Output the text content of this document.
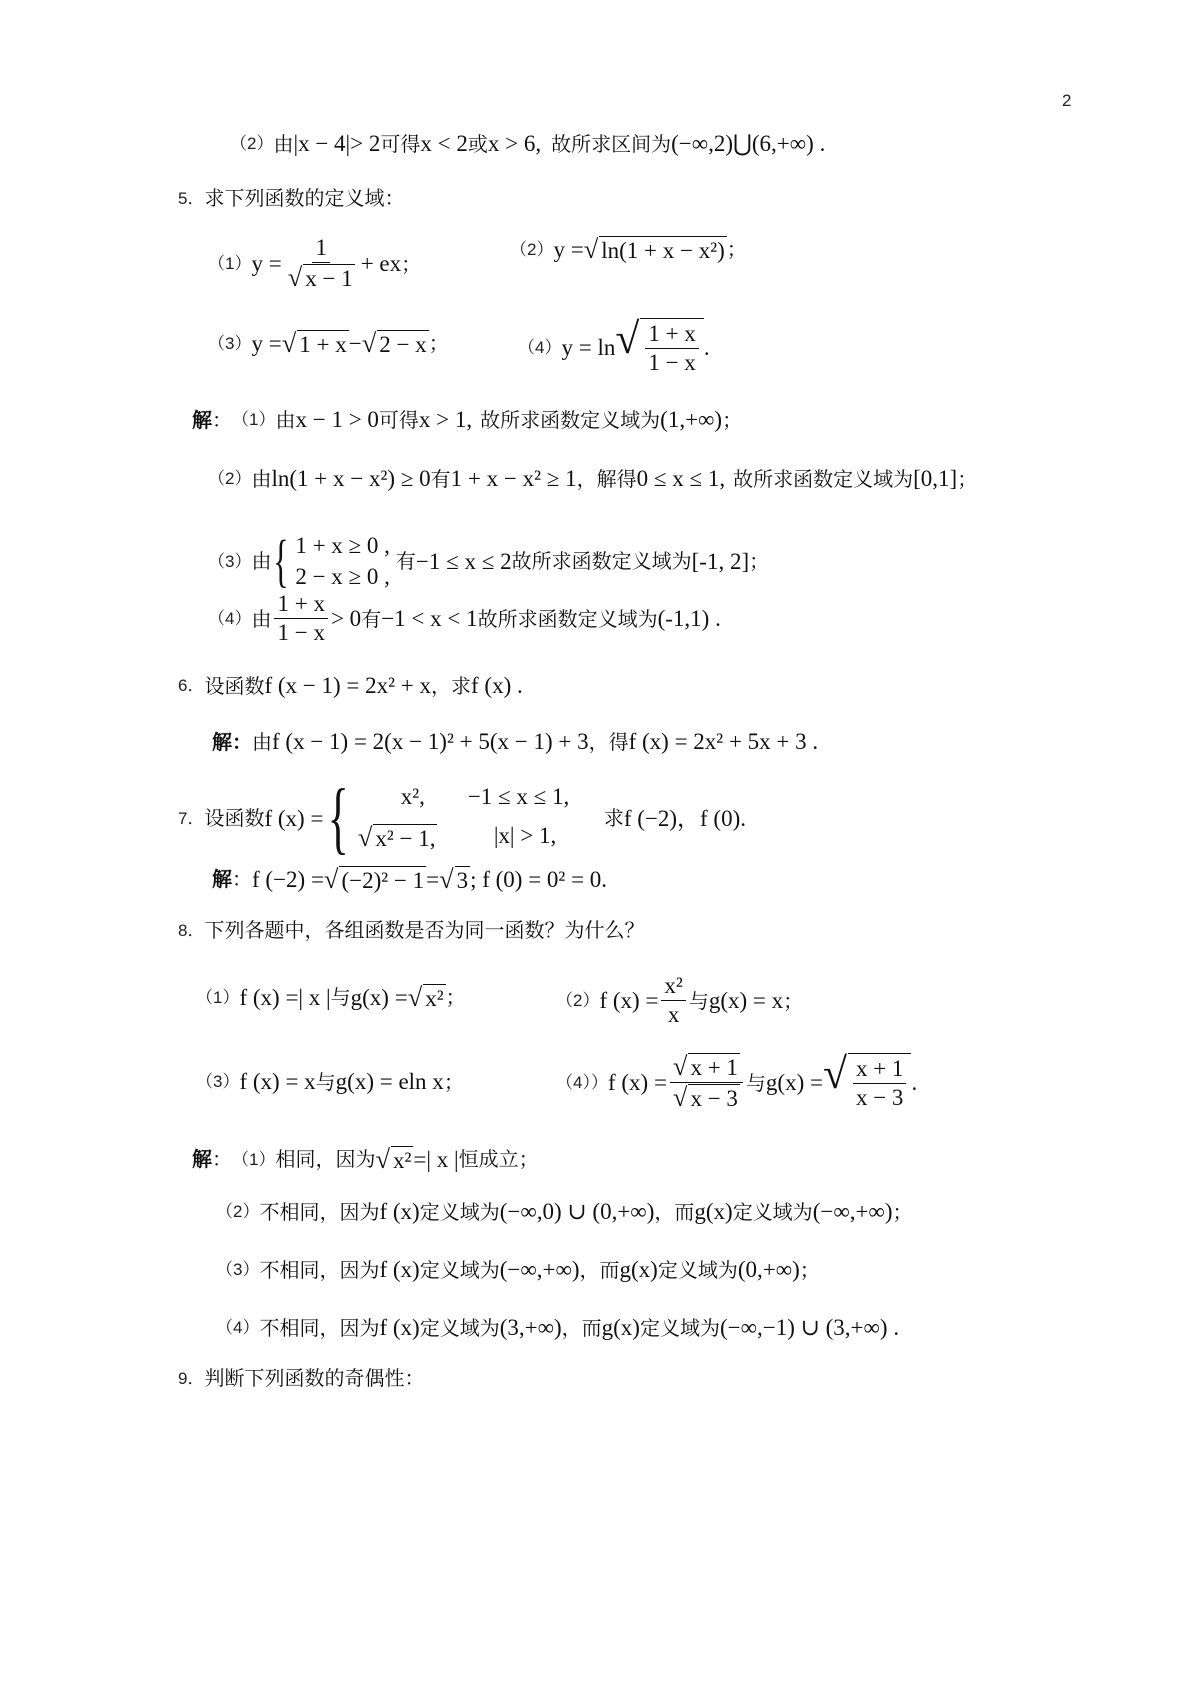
2
（2） 由 |x − 4|> 2 可得 x < 2 或 x > 6, 故所求区间为 (−∞,2)⋃(6,+∞) .
5． 求下列函数的定义域：
（1） $y = \frac{1}{√ x - 1} + e$ x ；
（2） y = √ ln(1 + x − x²) ；
（3） y = √ 1 + x − √ 2 − x ；	（4） y = ln √ $\frac{1 + x}{1 - x}$ .
解 ： （1） 由 x − 1 > 0 可得 x > 1, 故所求函数定义域为 (1,+∞) ；
（2） 由 ln(1 + x − x²) ≥ 0 有 1 + x − x² ≥ 1 ，解得 0 ≤ x ≤ 1, 故所求函数定义域为 [0,1] ；
（3） 由 { 1 + x ≥ 0 ,
2 − x ≥ 0 ,
有 −1 ≤ x ≤ 2 故所求函数定义域为 [-1, 2] ；
（4） 由 $\frac{1 + x}{1 - x} > 0$ 有 −1 < x < 1 故所求函数定义域为 (-1,1) .
6． 设函数 f (x − 1) = 2x² + x ，求 f (x) .
解 ： 由 f (x − 1) = 2(x − 1)² + 5(x − 1) + 3 ，得 f (x) = 2x² + 5x + 3 .
7． 设函数 f (x) = {	x²,	−1 ≤ x ≤ 1,
√ x² − 1,	|x| > 1,
求 f (−2)，f (0).
解 ： f (−2) = √ (−2)² − 1 = √ 3 ; f (0) = 0² = 0.
8． 下列各题中，各组函数是否为同一函数？为什么？
（1） f (x) =| x | 与 g(x) = √ x² ；	（2） f $(x) = \frac{\text{x²}}{x}$ 与 g(x) = x ；
（3） f (x) = x 与 g(x) = e ln x ；	（4）） f $(x) = \frac{√ x + 1}{√ x - 3}$ 与 g(x) = √ $\frac{x + 1}{x - 3}$ .
解 ： （1） 相同，因为 √ x² =| x | 恒成立；
（2） 不相同，因为 f (x) 定义域为 (−∞,0) ∪ (0,+∞) ，而 g(x) 定义域为 (−∞,+∞) ；
（3） 不相同，因为 f (x) 定义域为 (−∞,+∞) ，而 g(x) 定义域为 (0,+∞) ；
（4） 不相同，因为 f (x) 定义域为 (3,+∞) ，而 g(x) 定义域为 (−∞,−1) ∪ (3,+∞) .
9． 判断下列函数的奇偶性：
